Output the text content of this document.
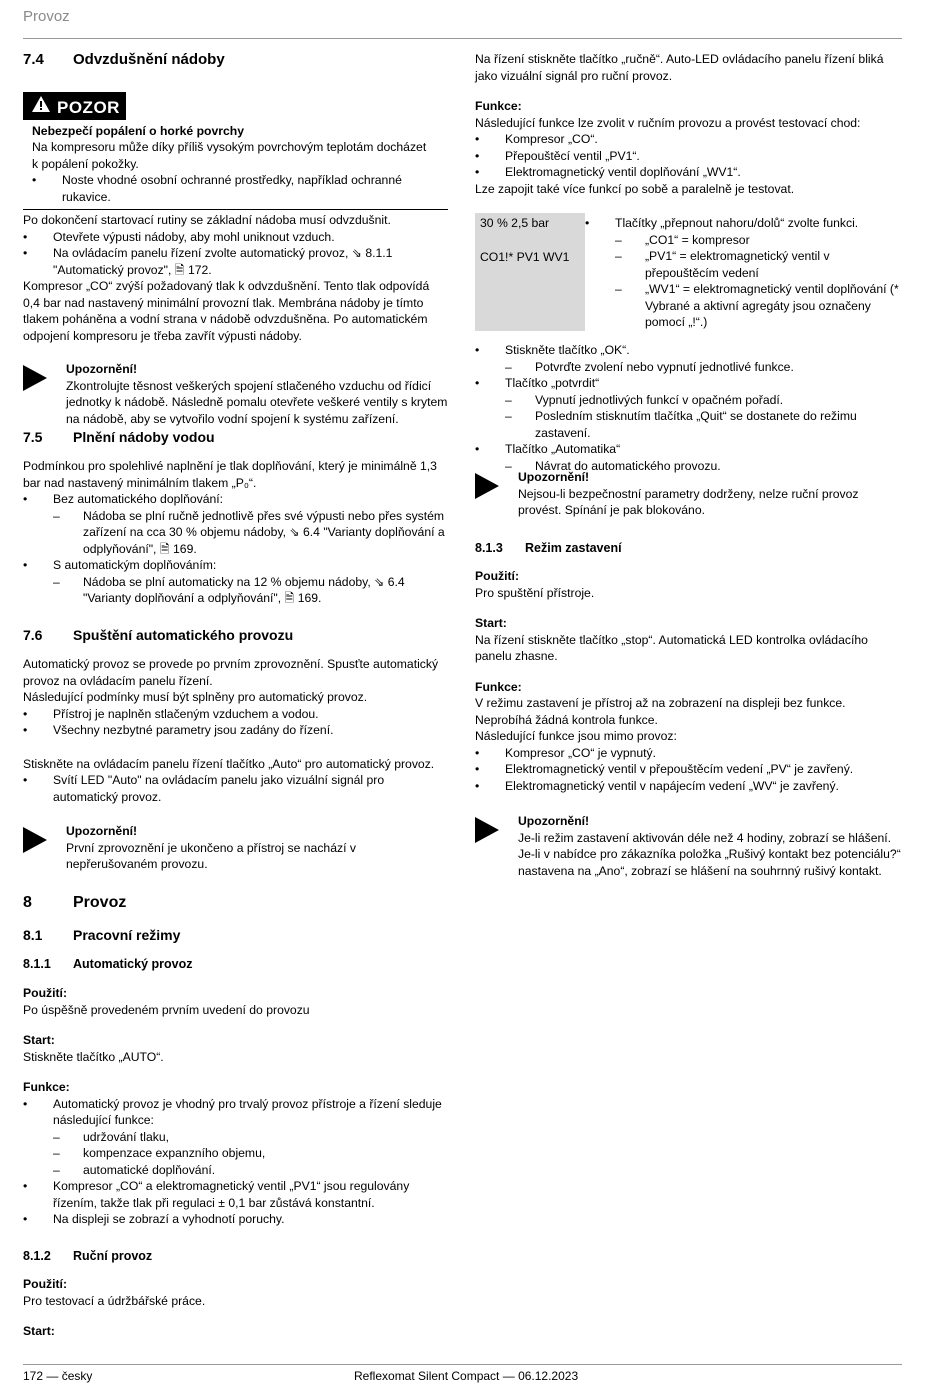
Provoz
7.4 Odvzdušnění nádoby
POZOR

Nebezpečí popálení o horké povrchy

Na kompresoru může díky příliš vysokým povrchovým teplotám docházet k popálení pokožky.

• Noste vhodné osobní ochranné prostředky, například ochranné rukavice.

Po dokončení startovací rutiny se základní nádoba musí odvzdušnit.

• Otevřete výpusti nádoby, aby mohl uniknout vzduch.

• Na ovládacím panelu řízení zvolte automatický provoz, ⇘ 8.1.1 "Automatický provoz", 🗎 172.

Kompresor „CO“ zvýší požadovaný tlak k odvzdušnění. Tento tlak odpovídá 0,4 bar nad nastavený minimální provozní tlak. Membrána nádoby je tímto tlakem poháněna a vodní strana v nádobě odvzdušněna. Po automatickém odpojení kompresoru je třeba zavřít výpusti nádoby.

Upozornění!

Zkontrolujte těsnost veškerých spojení stlačeného vzduchu od řídicí jednotky k nádobě. Následně pomalu otevřete veškeré ventily s krytem na nádobě, aby se vytvořilo vodní spojení k systému zařízení.

7.5 Plnění nádoby vodou

Podmínkou pro spolehlivé naplnění je tlak doplňování, který je minimálně 1,3 bar nad nastavený minimálním tlakem „P₀“.

• Bez automatického doplňování:

– Nádoba se plní ručně jednotlivě přes své výpusti nebo přes systém zařízení na cca 30 % objemu nádoby, ⇘ 6.4 "Varianty doplňování a odplyňování", 🗎 169.

• S automatickým doplňováním:

– Nádoba se plní automaticky na 12 % objemu nádoby, ⇘ 6.4 "Varianty doplňování a odplyňování", 🗎 169.

7.6 Spuštění automatického provozu

Automatický provoz se provede po prvním zprovoznění. Spusťte automatický provoz na ovládacím panelu řízení.

Následující podmínky musí být splněny pro automatický provoz.

• Přístroj je naplněn stlačeným vzduchem a vodou.

• Všechny nezbytné parametry jsou zadány do řízení.

Stiskněte na ovládacím panelu řízení tlačítko „Auto“ pro automatický provoz.

• Svítí LED "Auto" na ovládacím panelu jako vizuální signál pro automatický provoz.

Upozornění!

První zprovoznění je ukončeno a přístroj se nachází v nepřerušovaném provozu.

8	Provoz
8.1 Pracovní režimy
8.1.1 Automatický provoz

Použití:

Po úspěšně provedeném prvním uvedení do provozu

Start:

Stiskněte tlačítko „AUTO“.

Funkce:

• Automatický provoz je vhodný pro trvalý provoz přístroje a řízení sleduje následující funkce:

– udržování tlaku,

– kompenzace expanzního objemu,

– automatické doplňování.

• Kompresor „CO“ a elektromagnetický ventil „PV1“ jsou regulovány řízením, takže tlak při regulaci ± 0,1 bar zůstává konstantní.

• Na displeji se zobrazí a vyhodnotí poruchy.

8.1.2 Ruční provoz

Použití:

Pro testovací a údržbářské práce.

Start:

Na řízení stiskněte tlačítko „ručně“. Auto-LED ovládacího panelu řízení bliká jako vizuální signál pro ruční provoz.

Funkce:

Následující funkce lze zvolit v ručním provozu a provést testovací chod:

• Kompresor „CO“.

• Přepouštěcí ventil „PV1“.

• Elektromagnetický ventil doplňování „WV1“.

Lze zapojit také více funkcí po sobě a paralelně je testovat.

30 % 2,5 bar

CO1!* PV1 WV1

• Tlačítky „přepnout nahoru/dolů“ zvolte funkci.

– „CO1“ = kompresor

– „PV1“ = elektromagnetický ventil v přepouštěcím vedení

– „WV1“ = elektromagnetický ventil doplňování (* Vybrané a aktivní agregáty jsou označeny pomocí „!“.)

• Stiskněte tlačítko „OK“.

– Potvrďte zvolení nebo vypnutí jednotlivé funkce.

• Tlačítko „potvrdit“

– Vypnutí jednotlivých funkcí v opačném pořadí.

– Posledním stisknutím tlačítka „Quit“ se dostanete do režimu zastavení.

• Tlačítko „Automatika“

– Návrat do automatického provozu.

Upozornění!

Nejsou-li bezpečnostní parametry dodrženy, nelze ruční provoz provést. Spínání je pak blokováno.

8.1.3 Režim zastavení

Použití:

Pro spuštění přístroje.

Start:

Na řízení stiskněte tlačítko „stop“. Automatická LED kontrolka ovládacího panelu zhasne.

Funkce:

V režimu zastavení je přístroj až na zobrazení na displeji bez funkce. Neprobíhá žádná kontrola funkce.

Následující funkce jsou mimo provoz:

• Kompresor „CO“ je vypnutý.

• Elektromagnetický ventil v přepouštěcím vedení „PV“ je zavřený.

• Elektromagnetický ventil v napájecím vedení „WV“ je zavřený.

Upozornění!

Je-li režim zastavení aktivován déle než 4 hodiny, zobrazí se hlášení. Je-li v nabídce pro zákazníka položka „Rušivý kontakt bez potenciálu?“ nastavena na „Ano“, zobrazí se hlášení na souhrnný rušivý kontakt.

172 — česky	Reflexomat Silent Compact — 06.12.2023
